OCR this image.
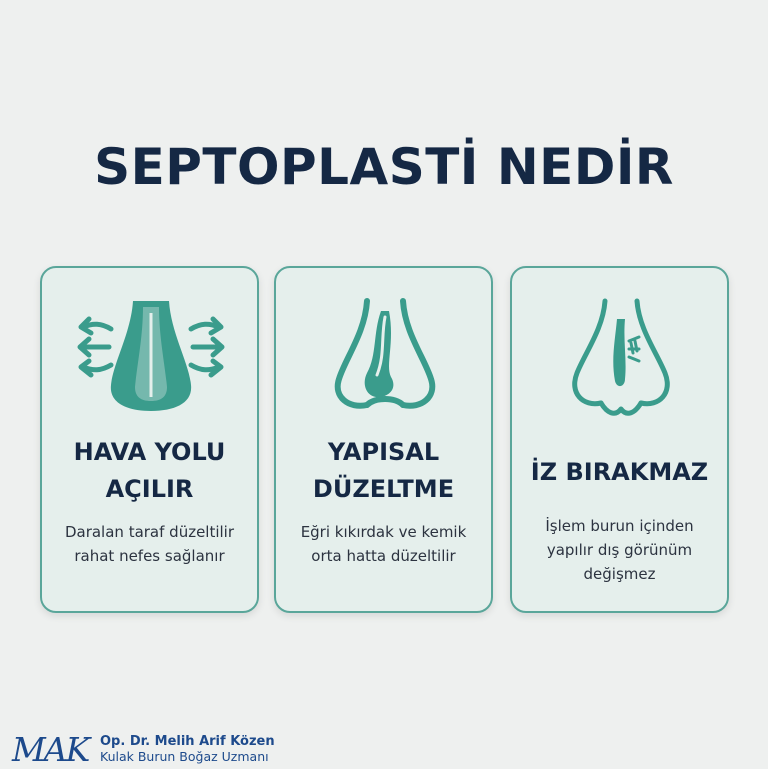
SEPTOPLASTİ NEDİR
HAVA YOLU
AÇILIR
Daralan taraf düzeltilir
rahat nefes sağlanır
YAPISAL
DÜZELTME
Eğri kıkırdak ve kemik
orta hatta düzeltilir
İZ BIRAKMAZ
İşlem burun içinden
yapılır dış görünüm
değişmez
MAK Op. Dr. Melih Arif Közen
Kulak Burun Boğaz Uzmanı
